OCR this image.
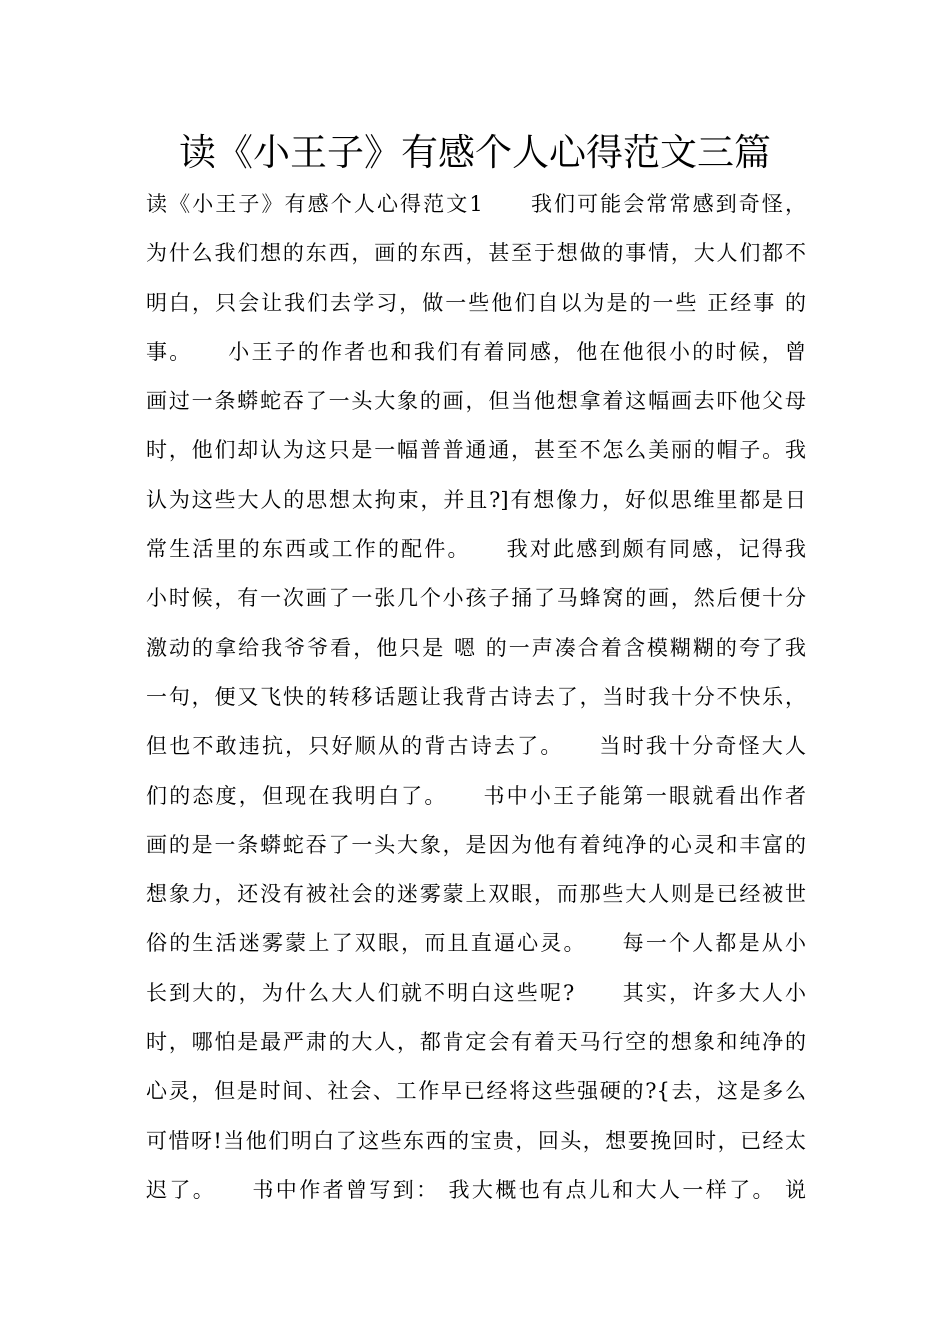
读《小王子》有感个人心得范文三篇
读《小王子》有感个人心得范文1　　我们可能会常常感到奇怪，
为什么我们想的东西，画的东西，甚至于想做的事情，大人们都不
明白，只会让我们去学习，做一些他们自以为是的一些 正经事 的
事。　　小王子的作者也和我们有着同感，他在他很小的时候，曾
画过一条蟒蛇吞了一头大象的画，但当他想拿着这幅画去吓他父母
时，他们却认为这只是一幅普普通通，甚至不怎么美丽的帽子。我
认为这些大人的思想太拘束，并且?]有想像力，好似思维里都是日
常生活里的东西或工作的配件。　　我对此感到颇有同感，记得我
小时候，有一次画了一张几个小孩子捅了马蜂窝的画，然后便十分
激动的拿给我爷爷看，他只是 嗯 的一声凑合着含模糊糊的夸了我
一句，便又飞快的转移话题让我背古诗去了，当时我十分不快乐，
但也不敢违抗，只好顺从的背古诗去了。　　当时我十分奇怪大人
们的态度，但现在我明白了。　　书中小王子能第一眼就看出作者
画的是一条蟒蛇吞了一头大象，是因为他有着纯净的心灵和丰富的
想象力，还没有被社会的迷雾蒙上双眼，而那些大人则是已经被世
俗的生活迷雾蒙上了双眼，而且直逼心灵。　　每一个人都是从小
长到大的，为什么大人们就不明白这些呢?　　其实，许多大人小
时，哪怕是最严肃的大人，都肯定会有着天马行空的想象和纯净的
心灵，但是时间、社会、工作早已经将这些强硬的?{去，这是多么
可惜呀!当他们明白了这些东西的宝贵，回头，想要挽回时，已经太
迟了。　　书中作者曾写到： 我大概也有点儿和大人一样了。 说
